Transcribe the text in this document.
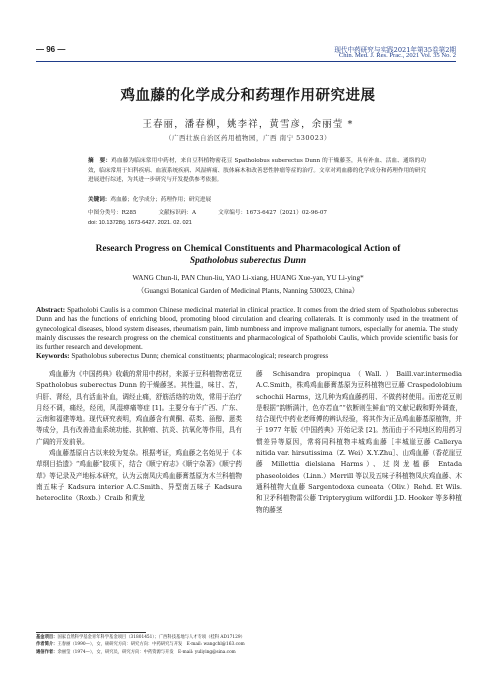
— 96 —	现代中药研究与实践2021年第35卷第2期
Chin. Med. J. Res. Prac., 2021 Vol. 35 No. 2
鸡血藤的化学成分和药理作用研究进展
王春丽，潘春柳，姚李祥，黄雪彦，余丽莹 *
（广西壮族自治区药用植物园，广西 南宁 530023）
摘　要：鸡血藤为临床常用中药材，来自豆科植物密花豆 Spatholobus suberectus Dunn 的干燥藤茎，具有补血、活血、通络的功效，临床常用于妇科疾病、血液系统疾病、风湿痹痛、肢体麻木和改善恶性肿瘤等症的治疗。文章对鸡血藤的化学成分和药理作用的研究进展进行综述，为其进一步研究与开发提供参考依据。
关键词：鸡血藤；化学成分；药理作用；研究进展
中图分类号：R285	文献标识码：A	文章编号：1673-6427（2021）02-96-07
doi: 10.13728/j. 1673-6427. 2021. 02. 021
Research Progress on Chemical Constituents and Pharmacological Action of
Spatholobus suberectus Dunn
WANG Chun-li, PAN Chun-liu, YAO Li-xiang, HUANG Xue-yan, YU Li-ying*
（Guangxi Botanical Garden of Medicinal Plants, Nanning 530023, China）
Abstract: Spatholobi Caulis is a common Chinese medicinal material in clinical practice. It comes from the dried stem of Spatholobus suberectus Dunn and has the functions of enriching blood, promoting blood circulation and clearing collaterals. It is commonly used in the treatment of gynecological diseases, blood system diseases, rheumatism pain, limb numbness and improve malignant tumors, especially for anemia. The study mainly discusses the research progress on the chemical constituents and pharmacological of Spatholobi Caulis, which provide scientific basis for its further research and development.
Keywords: Spatholobus suberectus Dunn; chemical constituents; pharmacological; research progress

鸡血藤为《中国药典》收载的常用中药材，来源于豆科植物密花豆 Spatholobus suberectus Dunn 的干燥藤茎。其性温，味甘、苦，归肝、肾经，具有活血补血，调经止痛，舒筋活络的功效，常用于治疗月经不调，痛经，经闭，风湿痹痛等症 [1]。主要分布于广西、广东、云南和福建等地。现代研究表明，鸡血藤含有黄酮、萜类、甾醇、蒽类等成分，具有改善造血系统功能、抗肿瘤、抗炎、抗氧化等作用，具有广阔的开发前景。

鸡血藤基原自古以来较为复杂。根据考证，鸡血藤之名始见于《本草纲目拾遗》“鸡血藤”胶项下，结合《顺宁府志》《顺宁杂著》《顺宁药草》等记录及产地标本研究，认为云南凤庆鸡血藤膏基原为木兰科植物南五味子 Kadsura interior A.C.Smith、异型南五味子 Kadsura heteroclite（Roxb.）Craib 和黄龙

藤 Schisandra propinqua（Wall.）Baill.var.intermedia A.C.Smith，株鸡鸡血藤膏基原为豆科植物巴豆藤 Craspedolobium schochii Harms，这几种为鸡血藤药用、不做药材使用。而密花豆则是根据“韵断满汁，色亦若血”“依断则生鲜血”的文献记载和野外调查，结合现代中药业老师傅的辨认经验，将其作为正品鸡血藤基原植物，并于 1977 年版《中国药典》开始记录 [2]。然而由于不同地区的用药习惯差异等原因，常将同科植物丰城鸡血藤［丰城崖豆藤 Callerya nitida var. hirsutissima（Z. Wei）X.Y.Zhu］、山鸡血藤（香花崖豆藤 Millettia dielsiana Harms）、过岗龙榼藤 Entada phaseoloides（Linn.）Merrill 等以及五味子科植物凤庆鸡血藤、木通科植物大血藤 Sargentodoxa cuneata（Oliv.）Rehd. Et Wils. 和卫矛科植物雷公藤 Tripterygium wilfordii J.D. Hooker 等多种植物的藤茎

基金项目：国家自然科学基金青年科学基金项目（31801451）；广西科技基地与人才专项（桂科 AD17129）
作者简介：王春丽（1990—），女，硕研究方向：研究方向：中药研究与开发　E-mail: wangchl@163.com
通信作者：余丽莹（1974—），女，研究员，研究方向：中药资源与开发　E-mail: yuliying@sina.com
